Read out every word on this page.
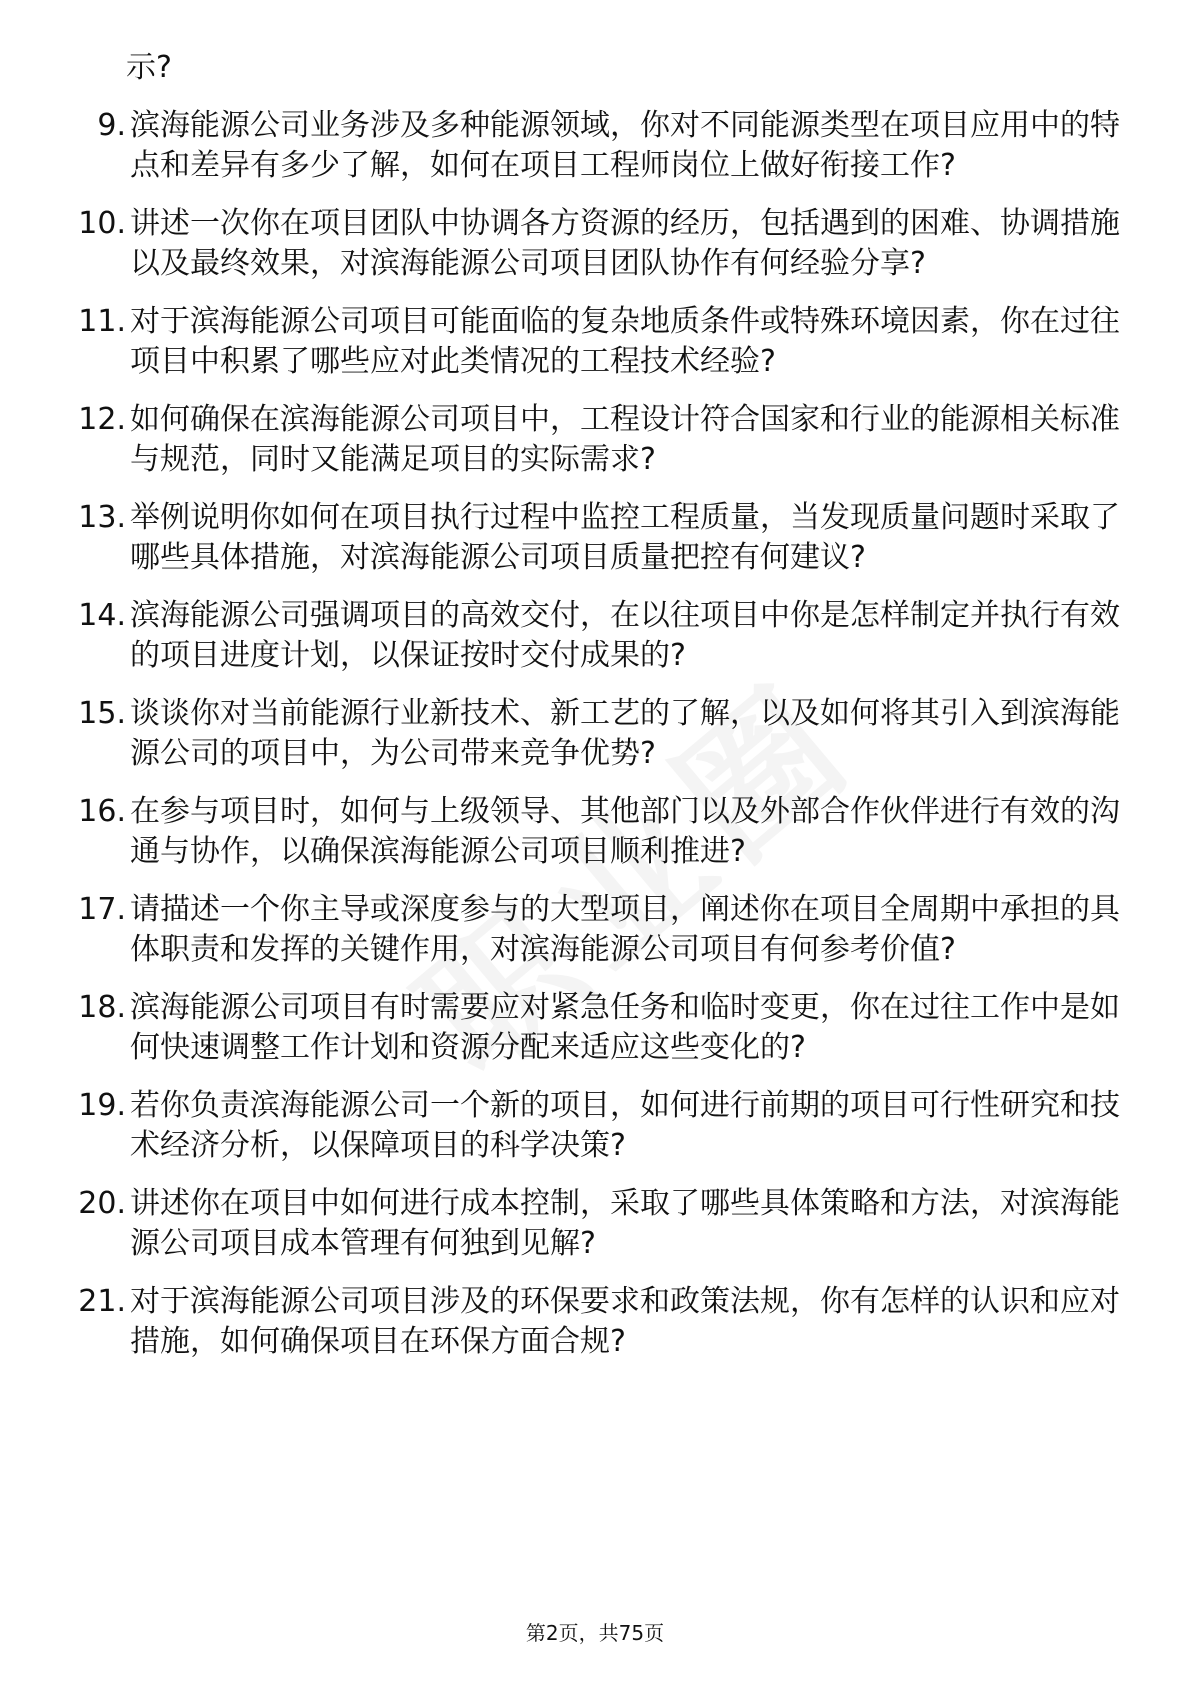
示?
9. 滨海能源公司业务涉及多种能源领域，你对不同能源类型在项目应用中的特点和差异有多少了解，如何在项目工程师岗位上做好衔接工作?
10. 讲述一次你在项目团队中协调各方资源的经历，包括遇到的困难、协调措施以及最终效果，对滨海能源公司项目团队协作有何经验分享?
11. 对于滨海能源公司项目可能面临的复杂地质条件或特殊环境因素，你在过往项目中积累了哪些应对此类情况的工程技术经验?
12. 如何确保在滨海能源公司项目中，工程设计符合国家和行业的能源相关标准与规范，同时又能满足项目的实际需求?
13. 举例说明你如何在项目执行过程中监控工程质量，当发现质量问题时采取了哪些具体措施，对滨海能源公司项目质量把控有何建议?
14. 滨海能源公司强调项目的高效交付，在以往项目中你是怎样制定并执行有效的项目进度计划，以保证按时交付成果的?
15. 谈谈你对当前能源行业新技术、新工艺的了解，以及如何将其引入到滨海能源公司的项目中，为公司带来竞争优势?
16. 在参与项目时，如何与上级领导、其他部门以及外部合作伙伴进行有效的沟通与协作，以确保滨海能源公司项目顺利推进?
17. 请描述一个你主导或深度参与的大型项目，阐述你在项目全周期中承担的具体职责和发挥的关键作用，对滨海能源公司项目有何参考价值?
18. 滨海能源公司项目有时需要应对紧急任务和临时变更，你在过往工作中是如何快速调整工作计划和资源分配来适应这些变化的?
19. 若你负责滨海能源公司一个新的项目，如何进行前期的项目可行性研究和技术经济分析，以保障项目的科学决策?
20. 讲述你在项目中如何进行成本控制，采取了哪些具体策略和方法，对滨海能源公司项目成本管理有何独到见解?
21. 对于滨海能源公司项目涉及的环保要求和政策法规，你有怎样的认识和应对措施，如何确保项目在环保方面合规?
第2页，共75页
